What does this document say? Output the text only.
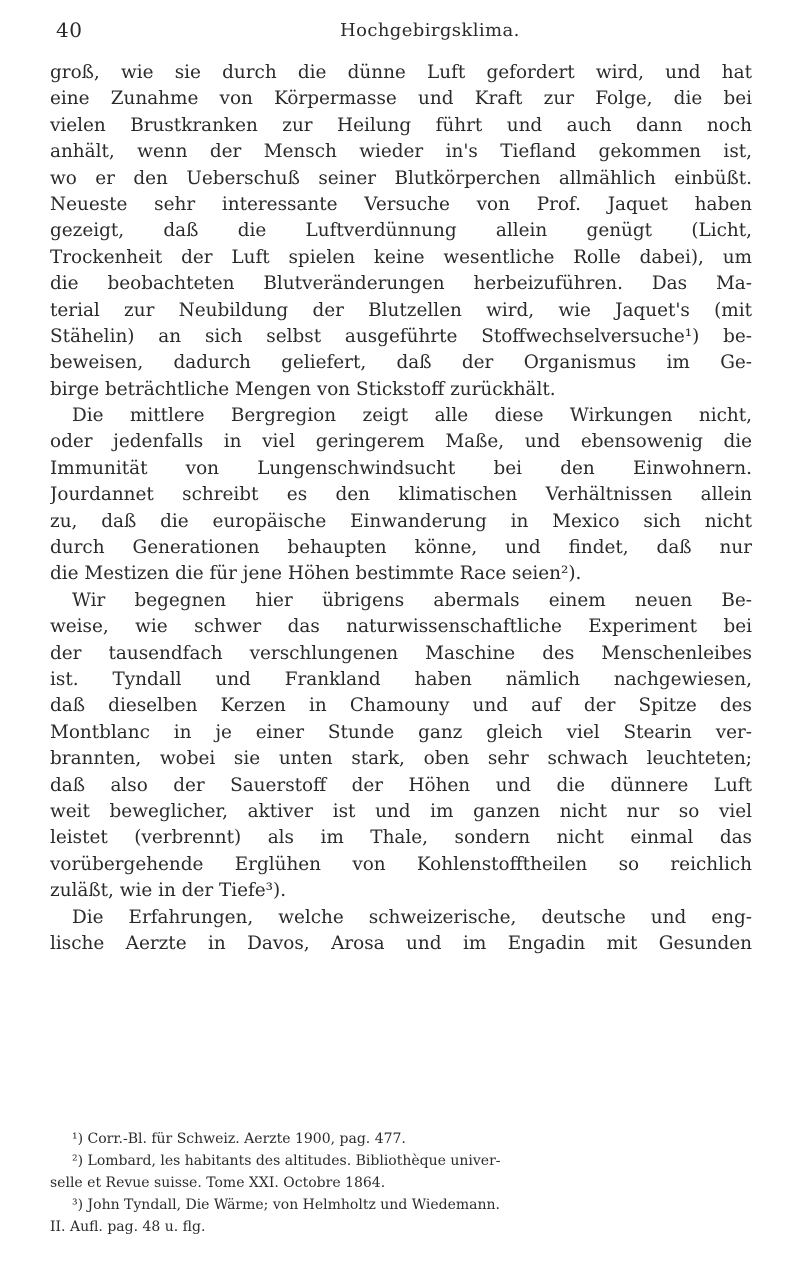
40	Hochgebirgsklima.
groß, wie sie durch die dünne Luft gefordert wird, und hat
eine Zunahme von Körpermasse und Kraft zur Folge, die bei
vielen Brustkranken zur Heilung führt und auch dann noch
anhält, wenn der Mensch wieder in's Tiefland gekommen ist,
wo er den Ueberschuß seiner Blutkörperchen allmählich einbüßt.
Neueste sehr interessante Versuche von Prof. Jaquet haben
gezeigt, daß die Luftverdünnung allein genügt (Licht,
Trockenheit der Luft spielen keine wesentliche Rolle dabei), um
die beobachteten Blutveränderungen herbeizuführen. Das Ma-
terial zur Neubildung der Blutzellen wird, wie Jaquet's (mit
Stähelin) an sich selbst ausgeführte Stoffwechselversuche¹) be-
beweisen, dadurch geliefert, daß der Organismus im Ge-
birge beträchtliche Mengen von Stickstoff zurückhält.
Die mittlere Bergregion zeigt alle diese Wirkungen nicht,
oder jedenfalls in viel geringerem Maße, und ebensowenig die
Immunität von Lungenschwindsucht bei den Einwohnern.
Jourdannet schreibt es den klimatischen Verhältnissen allein
zu, daß die europäische Einwanderung in Mexico sich nicht
durch Generationen behaupten könne, und findet, daß nur
die Mestizen die für jene Höhen bestimmte Race seien²).
Wir begegnen hier übrigens abermals einem neuen Be-
weise, wie schwer das naturwissenschaftliche Experiment bei
der tausendfach verschlungenen Maschine des Menschenleibes
ist. Tyndall und Frankland haben nämlich nachgewiesen,
daß dieselben Kerzen in Chamouny und auf der Spitze des
Montblanc in je einer Stunde ganz gleich viel Stearin ver-
brannten, wobei sie unten stark, oben sehr schwach leuchteten;
daß also der Sauerstoff der Höhen und die dünnere Luft
weit beweglicher, aktiver ist und im ganzen nicht nur so viel
leistet (verbrennt) als im Thale, sondern nicht einmal das
vorübergehende Erglühen von Kohlenstofftheilen so reichlich
zuläßt, wie in der Tiefe³).
Die Erfahrungen, welche schweizerische, deutsche und eng-
lische Aerzte in Davos, Arosa und im Engadin mit Gesunden
¹) Corr.-Bl. für Schweiz. Aerzte 1900, pag. 477.
²) Lombard, les habitants des altitudes. Bibliothèque univer-
selle et Revue suisse. Tome XXI. Octobre 1864.
³) John Tyndall, Die Wärme; von Helmholtz und Wiedemann.
II. Aufl. pag. 48 u. flg.
